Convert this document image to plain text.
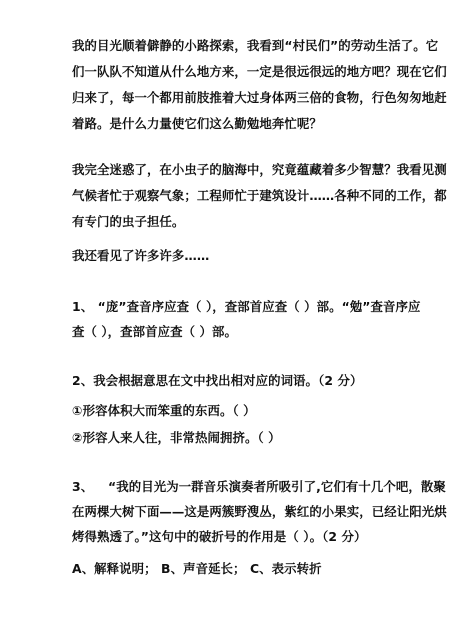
我的目光顺着僻静的小路探索，我看到“村民们”的劳动生活了。它
们一队队不知道从什么地方来，一定是很远很远的地方吧？现在它们
归来了，每一个都用前肢推着大过身体两三倍的食物，行色匆匆地赶
着路。是什么力量使它们这么勤勉地奔忙呢？
我完全迷惑了，在小虫子的脑海中，究竟蕴藏着多少智慧？我看见测
气候者忙于观察气象；工程师忙于建筑设计……各种不同的工作，都
有专门的虫子担任。
我还看见了许多许多……
1、 “庞”查音序应查（ ），查部首应查（ ）部。“勉”查音序应
查（ ），查部首应查（ ）部。
2、我会根据意思在文中找出相对应的词语。（2 分）
①形容体积大而笨重的东西。（ ）
②形容人来人往，非常热闹拥挤。（ ）
3、 “我的目光为一群音乐演奏者所吸引了,它们有十几个吧，散聚
在两棵大树下面——这是两簇野溲丛，紫红的小果实，已经让阳光烘
烤得熟透了。”这句中的破折号的作用是（ ）。（2 分）
A、解释说明； B、声音延长； C、表示转折
